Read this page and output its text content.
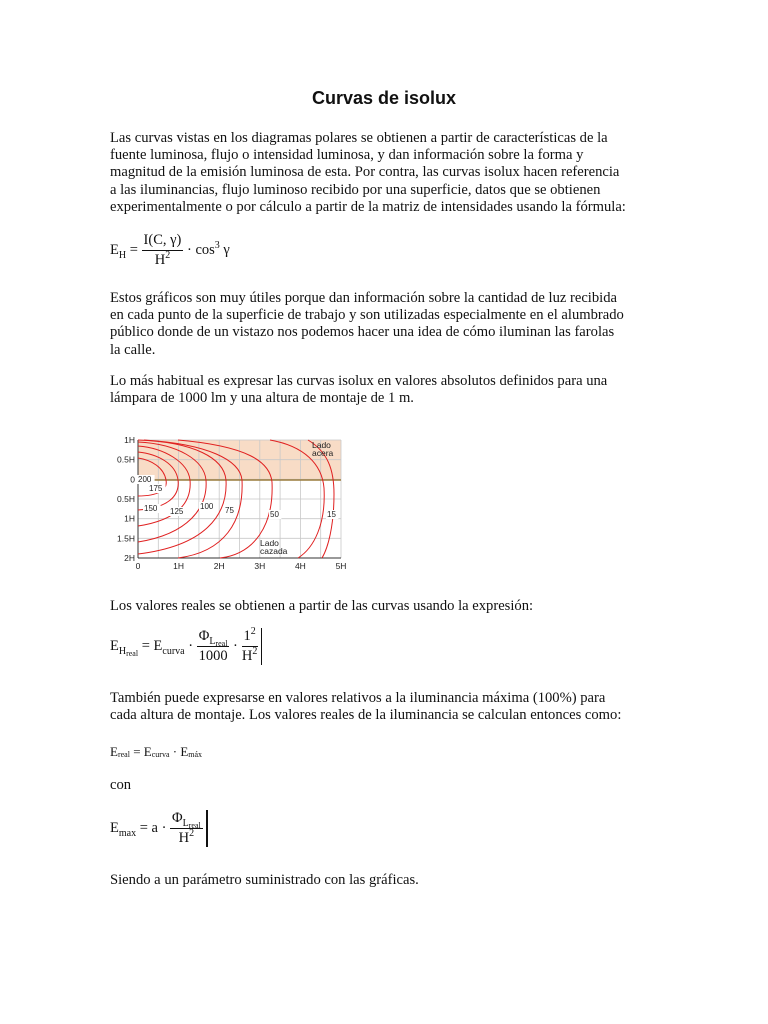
Curvas de isolux

Las curvas vistas en los diagramas polares se obtienen a partir de características de la
fuente luminosa, flujo o intensidad luminosa, y dan información sobre la forma y
magnitud de la emisión luminosa de esta. Por contra, las curvas isolux hacen referencia
a las iluminancias, flujo luminoso recibido por una superficie, datos que se obtienen
experimentalmente o por cálculo a partir de la matriz de intensidades usando la fórmula:

$E_H = \frac{I(C, \gamma)}{H^2} \cdot \cos^3 \gamma$

Estos gráficos son muy útiles porque dan información sobre la cantidad de luz recibida
en cada punto de la superficie de trabajo y son utilizadas especialmente en el alumbrado
público donde de un vistazo nos podemos hacer una idea de cómo iluminan las farolas
la calle.

Lo más habitual es expresar las curvas isolux en valores absolutos definidos para una
lámpara de 1000 lm y una altura de montaje de 1 m.

200
175
150 125
100 75	50	15
Lado
acera
Lado
cazada
1H
0.5H
0
0.5H
1H
1.5H
2H
0	1H	2H	3H	4H	5H

Los valores reales se obtienen a partir de las curvas usando la expresión:

$E_{H_{real}} = E_{curva} \cdot \frac{\Phi_{Lreal}}{1000} \cdot \frac{1^2}{H^2}$

También puede expresarse en valores relativos a la iluminancia máxima (100%) para
cada altura de montaje. Los valores reales de la iluminancia se calculan entonces como:

Ereal = Ecurva · Emáx

con

$E_{max} = a \cdot \frac{\Phi_{Lreal}}{H^2}$

Siendo a un parámetro suministrado con las gráficas.
